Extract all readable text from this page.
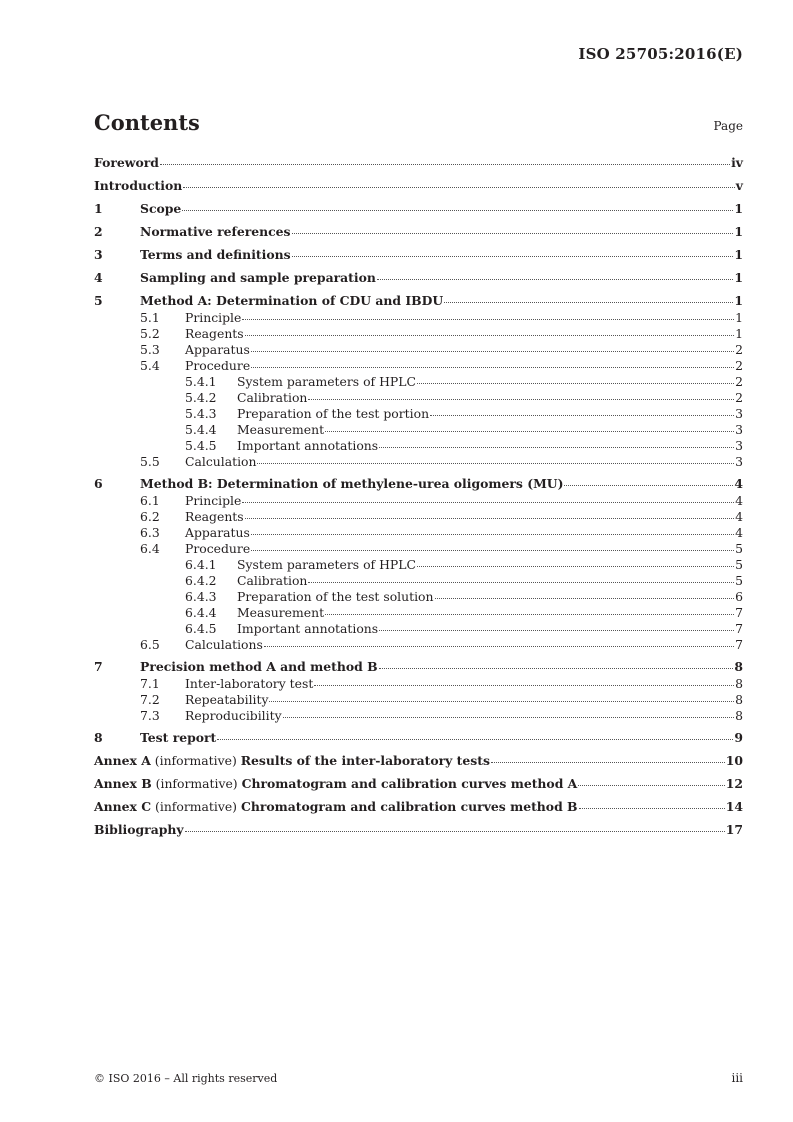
ISO 25705:2016(E)
Contents	Page
Foreword	iv
Introduction	v
1	Scope	1
2	Normative references	1
3	Terms and definitions	1
4	Sampling and sample preparation	1
5	Method A: Determination of CDU and IBDU	1
5.1	Principle	1
5.2	Reagents	1
5.3	Apparatus	2
5.4	Procedure	2
5.4.1	System parameters of HPLC	2
5.4.2	Calibration	2
5.4.3	Preparation of the test portion	3
5.4.4	Measurement	3
5.4.5	Important annotations	3
5.5	Calculation	3
6	Method B: Determination of methylene-urea oligomers (MU)	4
6.1	Principle	4
6.2	Reagents	4
6.3	Apparatus	4
6.4	Procedure	5
6.4.1	System parameters of HPLC	5
6.4.2	Calibration	5
6.4.3	Preparation of the test solution	6
6.4.4	Measurement	7
6.4.5	Important annotations	7
6.5	Calculations	7
7	Precision method A and method B	8
7.1	Inter-laboratory test	8
7.2	Repeatability	8
7.3	Reproducibility	8
8	Test report	9
Annex A (informative) Results of the inter-laboratory tests	10
Annex B (informative) Chromatogram and calibration curves method A	12
Annex C (informative) Chromatogram and calibration curves method B	14
Bibliography	17
© ISO 2016 – All rights reserved	iii
